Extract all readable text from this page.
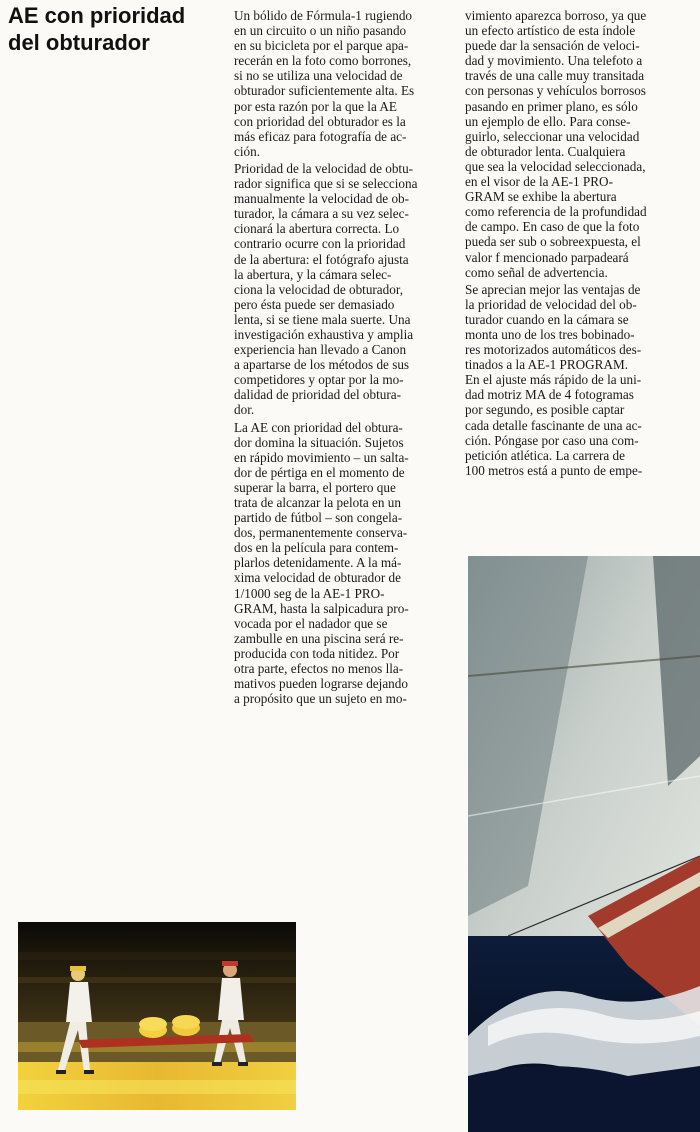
AE con prioridad
del obturador
Un bólido de Fórmula-1 rugiendo
en un circuito o un niño pasando
en su bicicleta por el parque apa-
recerán en la foto como borrones,
si no se utiliza una velocidad de
obturador suficientemente alta. Es
por esta razón por la que la AE
con prioridad del obturador es la
más eficaz para fotografía de ac-
ción.
Prioridad de la velocidad de obtu-
rador significa que si se selecciona
manualmente la velocidad de ob-
turador, la cámara a su vez selec-
cionará la abertura correcta. Lo
contrario ocurre con la prioridad
de la abertura: el fotógrafo ajusta
la abertura, y la cámara selec-
ciona la velocidad de obturador,
pero ésta puede ser demasiado
lenta, si se tiene mala suerte. Una
investigación exhaustiva y amplia
experiencia han llevado a Canon
a apartarse de los métodos de sus
competidores y optar por la mo-
dalidad de prioridad del obtura-
dor.
La AE con prioridad del obtura-
dor domina la situación. Sujetos
en rápido movimiento – un salta-
dor de pértiga en el momento de
superar la barra, el portero que
trata de alcanzar la pelota en un
partido de fútbol – son congela-
dos, permanentemente conserva-
dos en la película para contem-
plarlos detenidamente. A la má-
xima velocidad de obturador de
1/1000 seg de la AE-1 PRO-
GRAM, hasta la salpicadura pro-
vocada por el nadador que se
zambulle en una piscina será re-
producida con toda nitidez. Por
otra parte, efectos no menos lla-
mativos pueden lograrse dejando
a propósito que un sujeto en mo-
vimiento aparezca borroso, ya que
un efecto artístico de esta índole
puede dar la sensación de veloci-
dad y movimiento. Una telefoto a
través de una calle muy transitada
con personas y vehículos borrosos
pasando en primer plano, es sólo
un ejemplo de ello. Para conse-
guirlo, seleccionar una velocidad
de obturador lenta. Cualquiera
que sea la velocidad seleccionada,
en el visor de la AE-1 PRO-
GRAM se exhibe la abertura
como referencia de la profundidad
de campo. En caso de que la foto
pueda ser sub o sobreexpuesta, el
valor f mencionado parpadeará
como señal de advertencia.
Se aprecian mejor las ventajas de
la prioridad de velocidad del ob-
turador cuando en la cámara se
monta uno de los tres bobinado-
res motorizados automáticos des-
tinados a la AE-1 PROGRAM.
En el ajuste más rápido de la uni-
dad motriz MA de 4 fotogramas
por segundo, es posible captar
cada detalle fascinante de una ac-
ción. Póngase por caso una com-
petición atlética. La carrera de
100 metros está a punto de empe-
